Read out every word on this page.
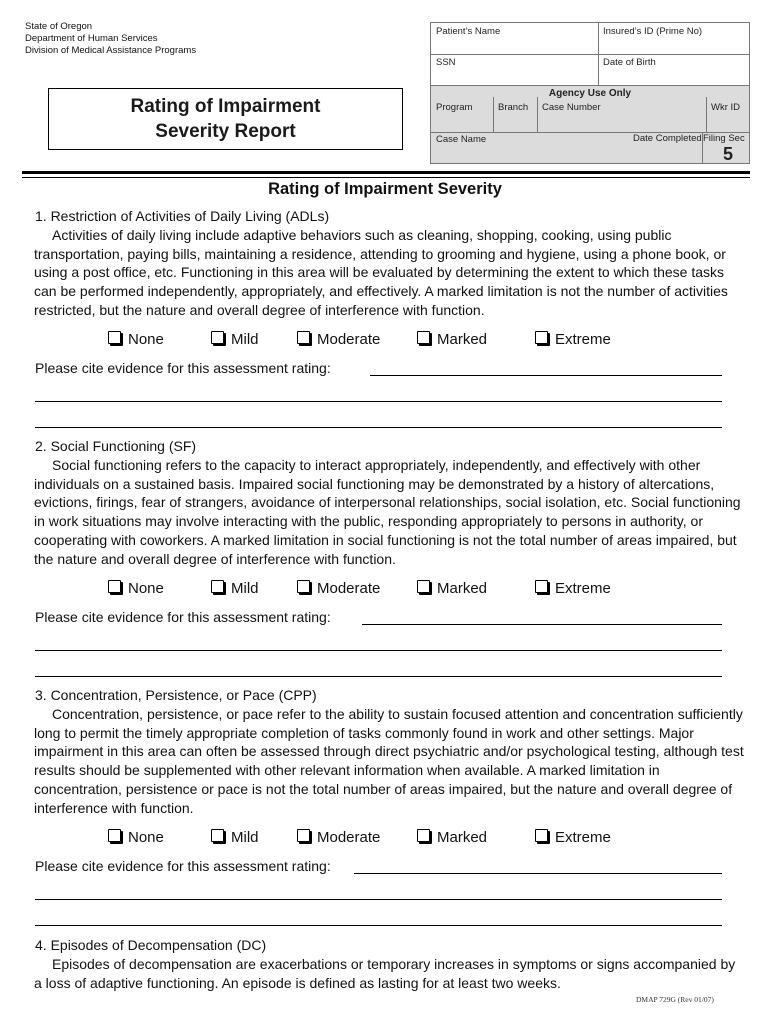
State of Oregon
Department of Human Services
Division of Medical Assistance Programs
Rating of Impairment
Severity Report
Patient’s Name	Insured’s ID (Prime No)
SSN	Date of Birth
Agency Use Only
Program	Branch	Case Number	Wkr ID
Case Name	Date Completed Filing Sec
5
Rating of Impairment Severity
1. Restriction of Activities of Daily Living (ADLs)
Activities of daily living include adaptive behaviors such as cleaning, shopping, cooking, using public transportation, paying bills, maintaining a residence, attending to grooming and hygiene, using a phone book, or using a post office, etc. Functioning in this area will be evaluated by determining the extent to which these tasks can be performed independently, appropriately, and effectively. A marked limitation is not the number of activities restricted, but the nature and overall degree of interference with function.
None	Mild	Moderate	Marked	Extreme
Please cite evidence for this assessment rating:
2. Social Functioning (SF)
Social functioning refers to the capacity to interact appropriately, independently, and effectively with other individuals on a sustained basis. Impaired social functioning may be demonstrated by a history of altercations, evictions, firings, fear of strangers, avoidance of interpersonal relationships, social isolation, etc. Social functioning in work situations may involve interacting with the public, responding appropriately to persons in authority, or cooperating with coworkers. A marked limitation in social functioning is not the total number of areas impaired, but the nature and overall degree of interference with function.
None	Mild	Moderate	Marked	Extreme
Please cite evidence for this assessment rating:
3. Concentration, Persistence, or Pace (CPP)
Concentration, persistence, or pace refer to the ability to sustain focused attention and concentration sufficiently long to permit the timely appropriate completion of tasks commonly found in work and other settings. Major impairment in this area can often be assessed through direct psychiatric and/or psychological testing, although test results should be supplemented with other relevant information when available. A marked limitation in concentration, persistence or pace is not the total number of areas impaired, but the nature and overall degree of interference with function.
None	Mild	Moderate	Marked	Extreme
Please cite evidence for this assessment rating:
4. Episodes of Decompensation (DC)
Episodes of decompensation are exacerbations or temporary increases in symptoms or signs accompanied by a loss of adaptive functioning. An episode is defined as lasting for at least two weeks.
DMAP 729G (Rev 01/07)
